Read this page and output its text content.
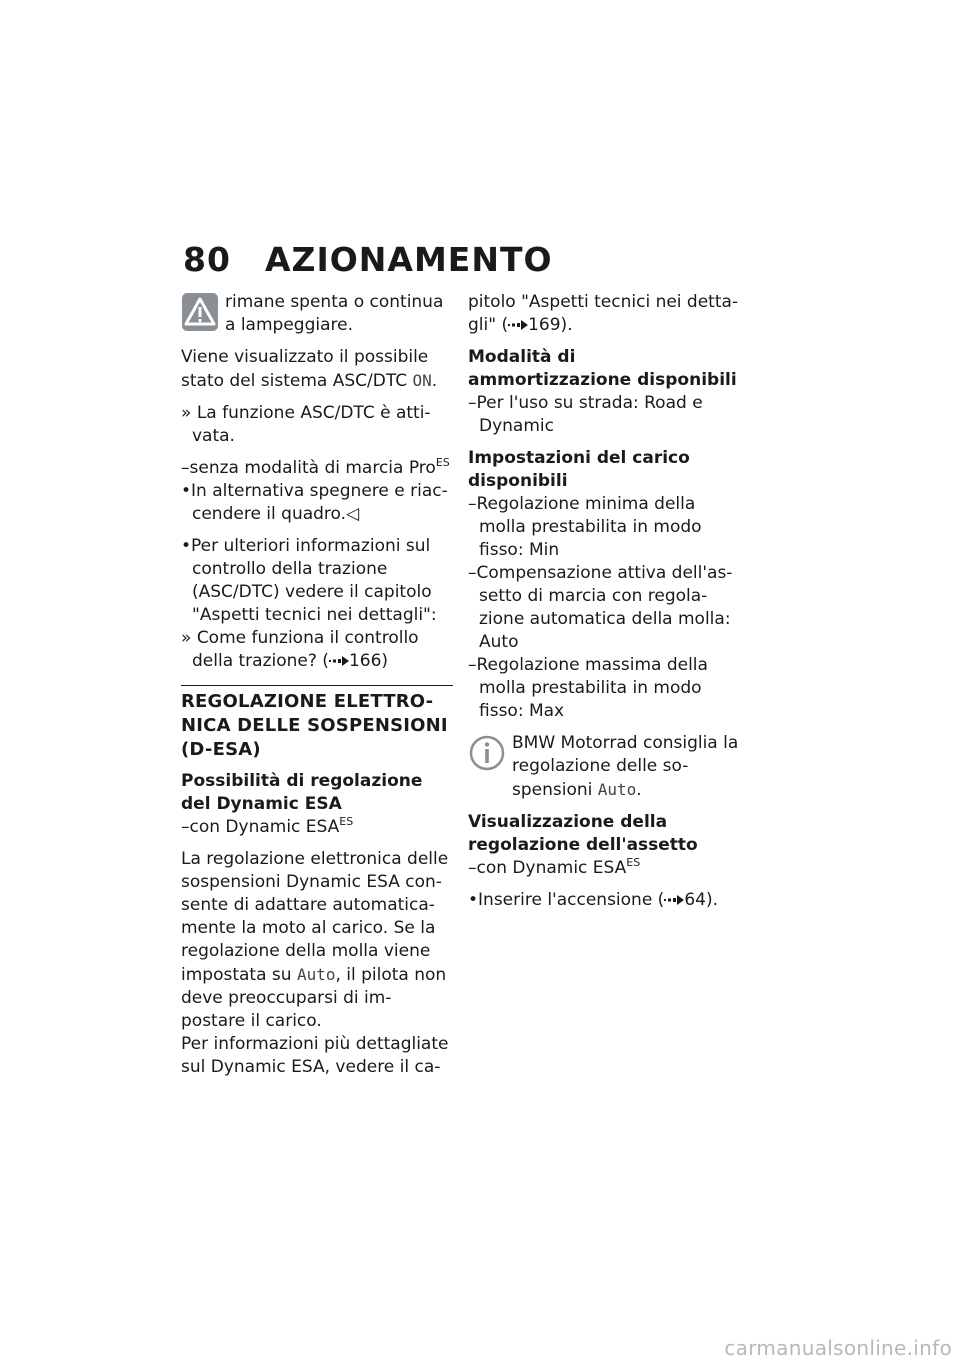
80 AZIONAMENTO
rimane spenta o continua a lampeggiare.

Viene visualizzato il possibile stato del sistema ASC/DTC ON.

» La funzione ASC/DTC è atti-vata.

–senza modalità di marcia Pro$^{ES}$

•In alternativa spegnere e riac-cendere il quadro.◁

•Per ulteriori informazioni sul controllo della trazione (ASC/DTC) vedere il capitolo "Aspetti tecnici nei dettagli":

» Come funziona il controllo della trazione? ( 166)

REGOLAZIONE ELETTRO-NICA DELLE SOSPENSIONI (D-ESA)

Possibilità di regolazione del Dynamic ESA

–con Dynamic $ESA^{ES}$

La regolazione elettronica delle sospensioni Dynamic ESA con-sente di adattare automatica-mente la moto al carico. Se la regolazione della molla viene impostata su Auto, il pilota non deve preoccuparsi di im-postare il carico.

Per informazioni più dettagliate sul Dynamic ESA, vedere il ca-

pitolo "Aspetti tecnici nei detta-gli" ( 169).

Modalità di ammortizzazione disponibili

–Per l'uso su strada: Road e Dynamic

Impostazioni del carico disponibili

–Regolazione minima della molla prestabilita in modo fisso: Min

–Compensazione attiva dell'as-setto di marcia con regola-zione automatica della molla: Auto

–Regolazione massima della molla prestabilita in modo fisso: Max

BMW Motorrad consiglia la regolazione delle so-spensioni Auto.

Visualizzazione della regolazione dell'assetto

–con Dynamic $ESA^{ES}$

•Inserire l'accensione ( 64).

carmanualsonline.info
